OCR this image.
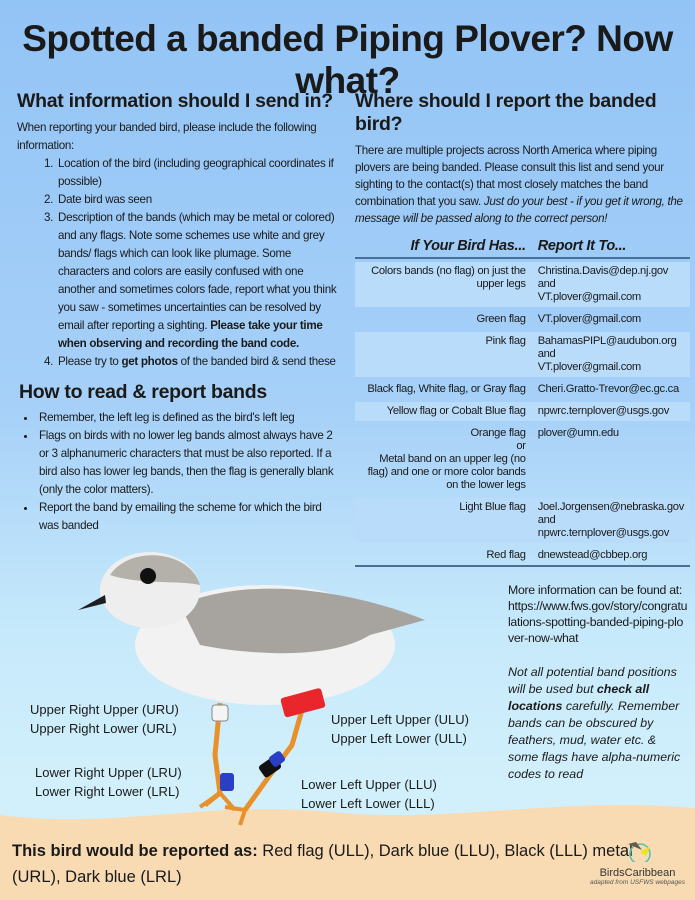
Spotted a banded Piping Plover? Now what?
What information should I send in?

When reporting your banded bird, please include the following information:

1. Location of the bird (including geographical coordinates if possible)
2. Date bird was seen
3. Description of the bands (which may be metal or colored) and any flags. Note some schemes use white and grey bands/ flags which can look like plumage. Some characters and colors are easily confused with one another and sometimes colors fade, report what you think you saw - sometimes uncertainties can be resolved by email after reporting a sighting. Please take your time when observing and recording the band code.
4. Please try to get photos of the banded bird & send these
How to read & report bands
• Remember, the left leg is defined as the bird's left leg
• Flags on birds with no lower leg bands almost always have 2 or 3 alphanumeric characters that must be also reported. If a bird also has lower leg bands, then the flag is generally blank (only the color matters).
• Report the band by emailing the scheme for which the bird was banded
Where should I report the banded bird?

There are multiple projects across North America where piping plovers are being banded. Please consult this list and send your sighting to the contact(s) that most closely matches the band combination that you saw. Just do your best - if you get it wrong, the message will be passed along to the correct person!

If Your Bird Has...	Report It To...
Colors bands (no flag) on just the upper legs	Christina.Davis@dep.nj.gov
and
VT.plover@gmail.com
Green flag	VT.plover@gmail.com
Pink flag	BahamasPIPL@audubon.org
and
VT.plover@gmail.com
Black flag, White flag, or Gray flag	Cheri.Gratto-Trevor@ec.gc.ca
Yellow flag or Cobalt Blue flag	npwrc.ternplover@usgs.gov
Orange flag
or
Metal band on an upper leg (no flag) and one or more color bands on the lower legs	plover@umn.edu
Light Blue flag	Joel.Jorgensen@nebraska.gov
and
npwrc.ternplover@usgs.gov
Red flag	dnewstead@cbbep.org
More information can be found at: https://www.fws.gov/story/congratulations-spotting-banded-piping-plover-now-what

Not all potential band positions will be used but check all locations carefully. Remember bands can be obscured by feathers, mud, water etc. & some flags have alpha-numeric codes to read

Upper Right Upper (URU)
Upper Right Lower (URL)
Lower Right Upper (LRU)
Lower Right Lower (LRL)
Upper Left Upper (ULU)
Upper Left Lower (ULL)
Lower Left Upper (LLU)
Lower Left Lower (LLL)

This bird would be reported as: Red flag (ULL), Dark blue (LLU), Black (LLL) metal (URL), Dark blue (LRL)	BirdsCaribbean
adapted from USFWS webpages
